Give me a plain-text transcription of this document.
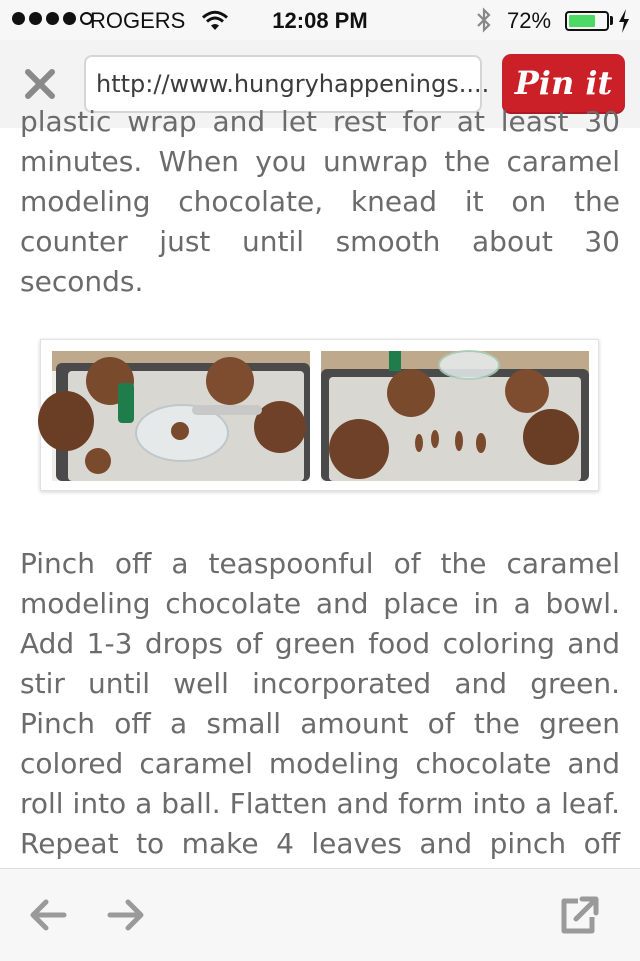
ROGERS	12:08 PM	72%
http://www.hungryhappenings.... Pin it

plastic wrap and let rest for at least 30 minutes. When you unwrap the caramel modeling chocolate, knead it on the counter just until smooth about 30 seconds.

Pinch off a teaspoonful of the caramel modeling chocolate and place in a bowl. Add 1-3 drops of green food coloring and stir until well incorporated and green. Pinch off a small amount of the green colored caramel modeling chocolate and roll into a ball. Flatten and form into a leaf. Repeat to make 4 leaves and pinch off
